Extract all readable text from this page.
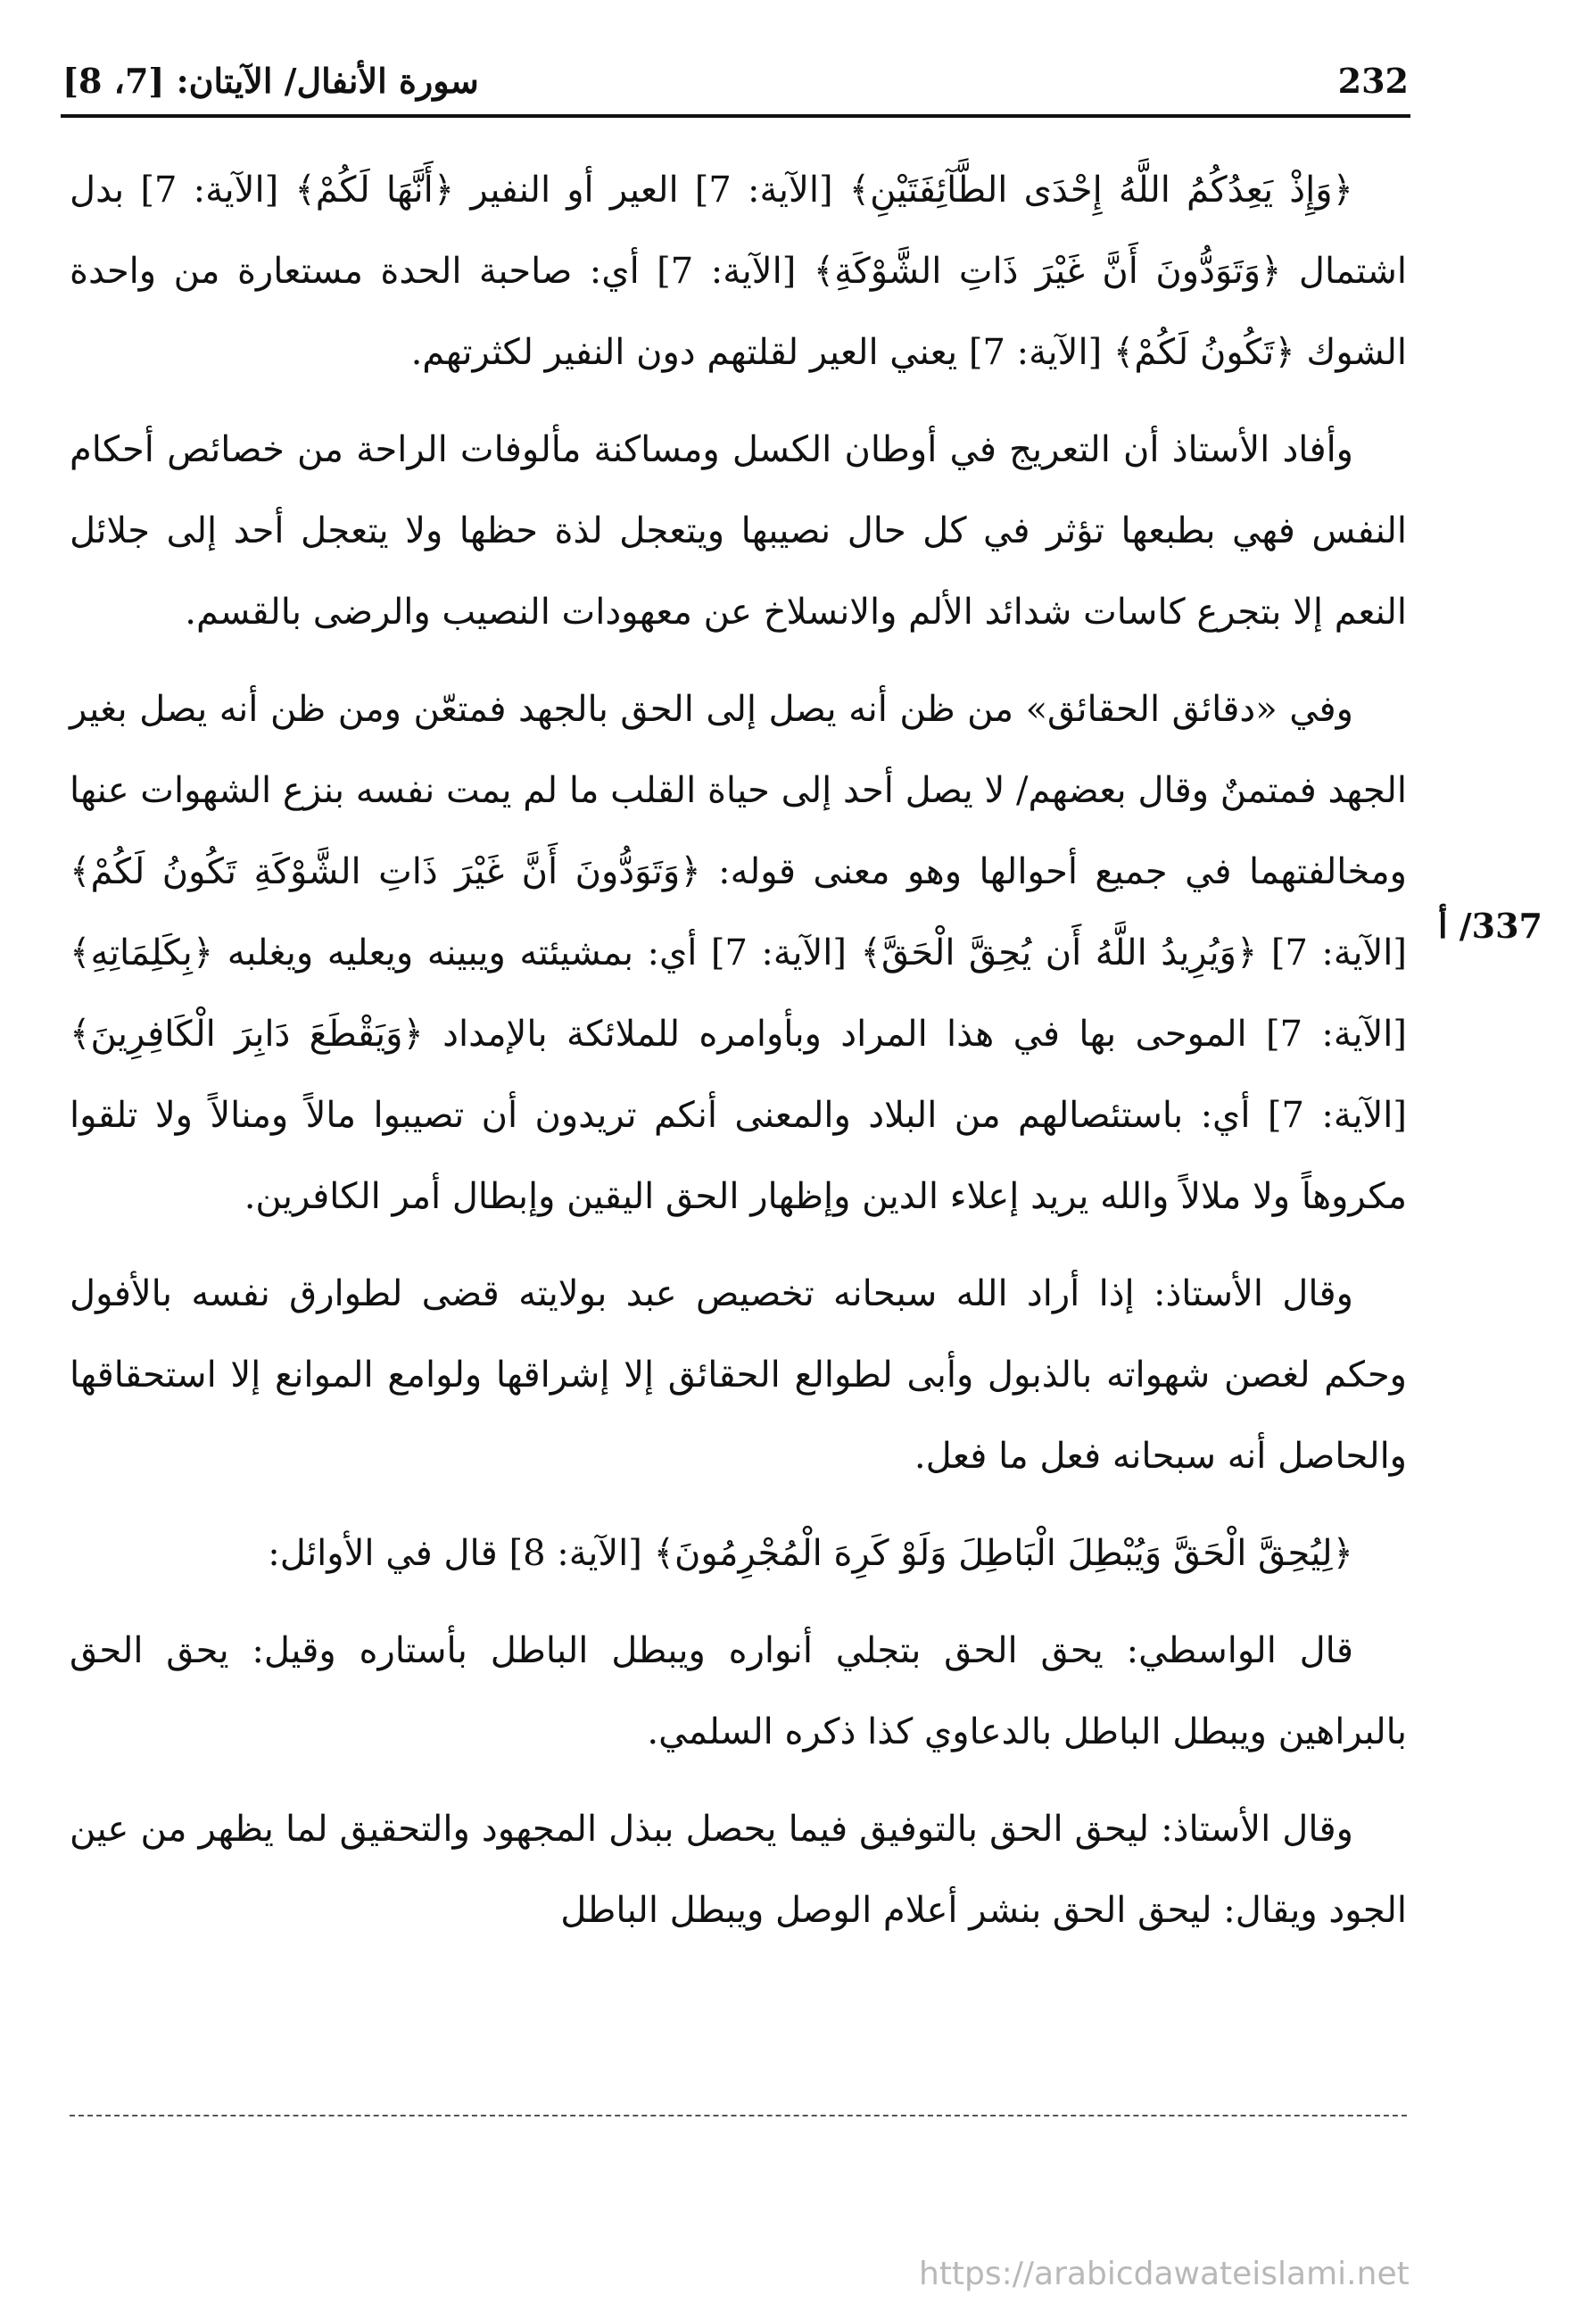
232
سورة الأنفال/ الآيتان: [7، 8]
337/ أ

﴿وَإِذْ يَعِدُكُمُ اللَّهُ إِحْدَى الطَّآئِفَتَيْنِ﴾ [الآية: 7] العير أو النفير ﴿أَنَّهَا لَكُمْ﴾ [الآية: 7] بدل اشتمال ﴿وَتَوَدُّونَ أَنَّ غَيْرَ ذَاتِ الشَّوْكَةِ﴾ [الآية: 7] أي: صاحبة الحدة مستعارة من واحدة الشوك ﴿تَكُونُ لَكُمْ﴾ [الآية: 7] يعني العير لقلتهم دون النفير لكثرتهم.

وأفاد الأستاذ أن التعريج في أوطان الكسل ومساكنة مألوفات الراحة من خصائص أحكام النفس فهي بطبعها تؤثر في كل حال نصيبها ويتعجل لذة حظها ولا يتعجل أحد إلى جلائل النعم إلا بتجرع كاسات شدائد الألم والانسلاخ عن معهودات النصيب والرضى بالقسم.

وفي «دقائق الحقائق» من ظن أنه يصل إلى الحق بالجهد فمتعّن ومن ظن أنه يصل بغير الجهد فمتمنٌ وقال بعضهم/ لا يصل أحد إلى حياة القلب ما لم يمت نفسه بنزع الشهوات عنها ومخالفتهما في جميع أحوالها وهو معنى قوله: ﴿وَتَوَدُّونَ أَنَّ غَيْرَ ذَاتِ الشَّوْكَةِ تَكُونُ لَكُمْ﴾ [الآية: 7] ﴿وَيُرِيدُ اللَّهُ أَن يُحِقَّ الْحَقَّ﴾ [الآية: 7] أي: بمشيئته ويبينه ويعليه ويغلبه ﴿بِكَلِمَاتِهِ﴾ [الآية: 7] الموحى بها في هذا المراد وبأوامره للملائكة بالإمداد ﴿وَيَقْطَعَ دَابِرَ الْكَافِرِينَ﴾ [الآية: 7] أي: باستئصالهم من البلاد والمعنى أنكم تريدون أن تصيبوا مالاً ومنالاً ولا تلقوا مكروهاً ولا ملالاً والله يريد إعلاء الدين وإظهار الحق اليقين وإبطال أمر الكافرين.

وقال الأستاذ: إذا أراد الله سبحانه تخصيص عبد بولايته قضى لطوارق نفسه بالأفول وحكم لغصن شهواته بالذبول وأبى لطوالع الحقائق إلا إشراقها ولوامع الموانع إلا استحقاقها والحاصل أنه سبحانه فعل ما فعل.

﴿لِيُحِقَّ الْحَقَّ وَيُبْطِلَ الْبَاطِلَ وَلَوْ كَرِهَ الْمُجْرِمُونَ﴾ [الآية: 8] قال في الأوائل:

قال الواسطي: يحق الحق بتجلي أنواره ويبطل الباطل بأستاره وقيل: يحق الحق بالبراهين ويبطل الباطل بالدعاوي كذا ذكره السلمي.

وقال الأستاذ: ليحق الحق بالتوفيق فيما يحصل ببذل المجهود والتحقيق لما يظهر من عين الجود ويقال: ليحق الحق بنشر أعلام الوصل ويبطل الباطل

https://arabicdawateislami.net
